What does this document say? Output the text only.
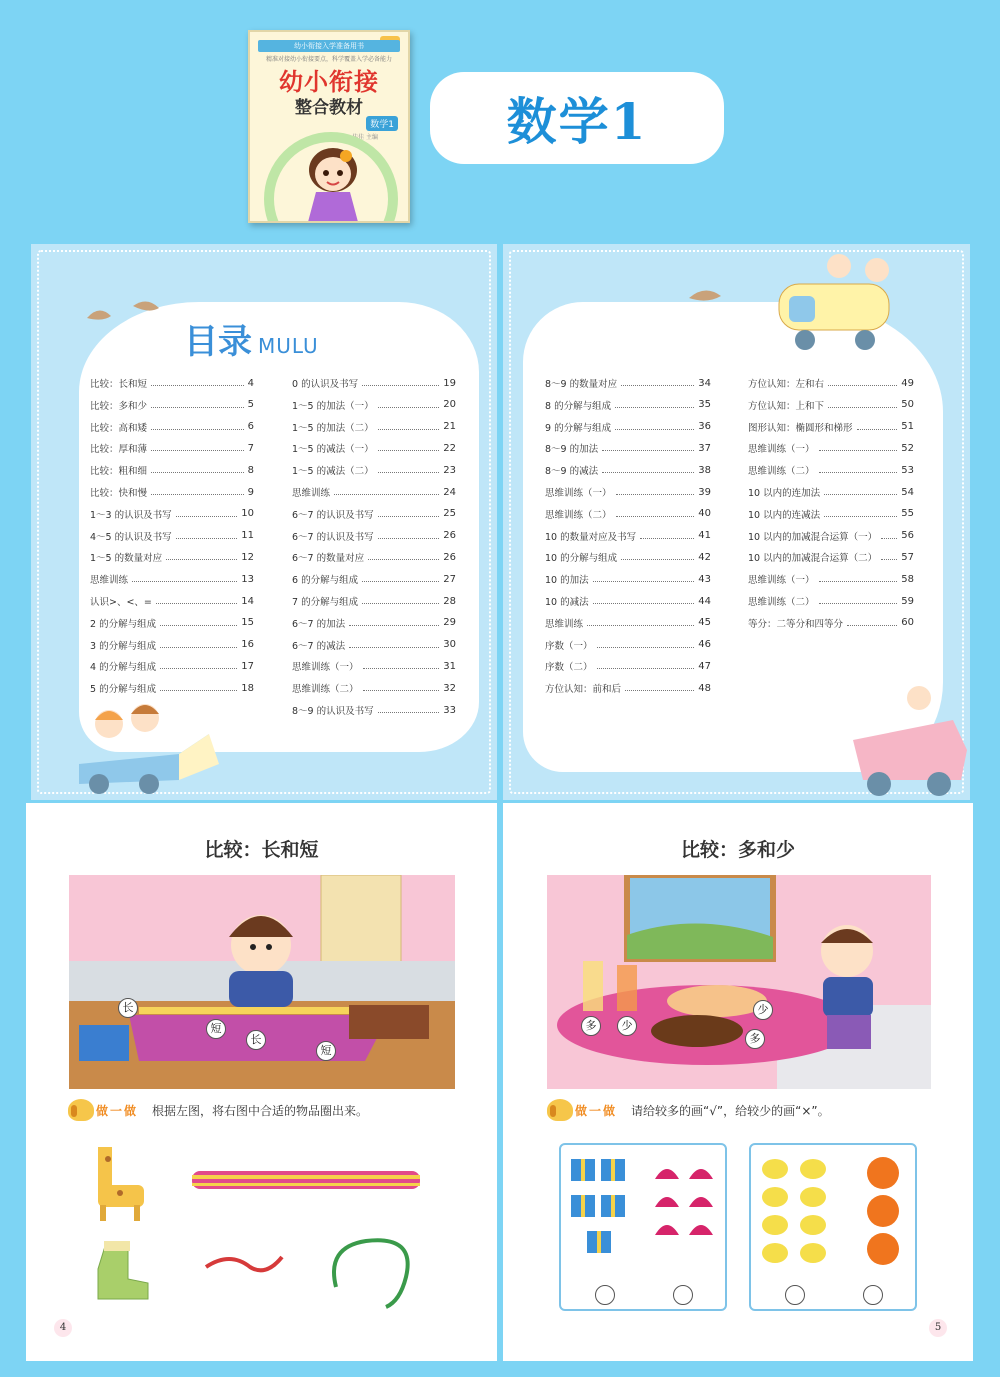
幼小衔接入学准备用书
精准对接幼小衔接要点，科学覆盖入学必备能力
幼小衔接
整合教材
数学1
佳佳 主编	数学1
目录 MULU
比较：长和短	4
比较：多和少	5
比较：高和矮	6
比较：厚和薄	7
比较：粗和细	8
比较：快和慢	9
1～3 的认识及书写	10
4～5 的认识及书写	11
1～5 的数量对应	12
思维训练	13
认识>、<、=	14
2 的分解与组成	15
3 的分解与组成	16
4 的分解与组成	17
5 的分解与组成	18
0 的认识及书写	19
1～5 的加法（一）	20
1～5 的加法（二）	21
1～5 的减法（一）	22
1～5 的减法（二）	23
思维训练	24
6～7 的认识及书写	25
6～7 的认识及书写	26
6～7 的数量对应	26
6 的分解与组成	27
7 的分解与组成	28
6～7 的加法	29
6～7 的减法	30
思维训练（一）	31
思维训练（二）	32
8～9 的认识及书写	33
8～9 的数量对应	34
8 的分解与组成	35
9 的分解与组成	36
8～9 的加法	37
8～9 的减法	38
思维训练（一）	39
思维训练（二）	40
10 的数量对应及书写	41
10 的分解与组成	42
10 的加法	43
10 的减法	44
思维训练	45
序数（一）	46
序数（二）	47
方位认知：前和后	48
方位认知：左和右	49
方位认知：上和下	50
图形认知：椭圆形和梯形	51
思维训练（一）	52
思维训练（二）	53
10 以内的连加法	54
10 以内的连减法	55
10 以内的加减混合运算（一） 56
10 以内的加减混合运算（二） 57
思维训练（一）	58
思维训练（二）	59
等分：二等分和四等分	60
比较：长和短
长
短
长
短
做一做 根据左图，将右图中合适的物品圈出来。
4
比较：多和少
多	少
少
多
做一做 请给较多的画“√”，给较少的画“×”。
5
